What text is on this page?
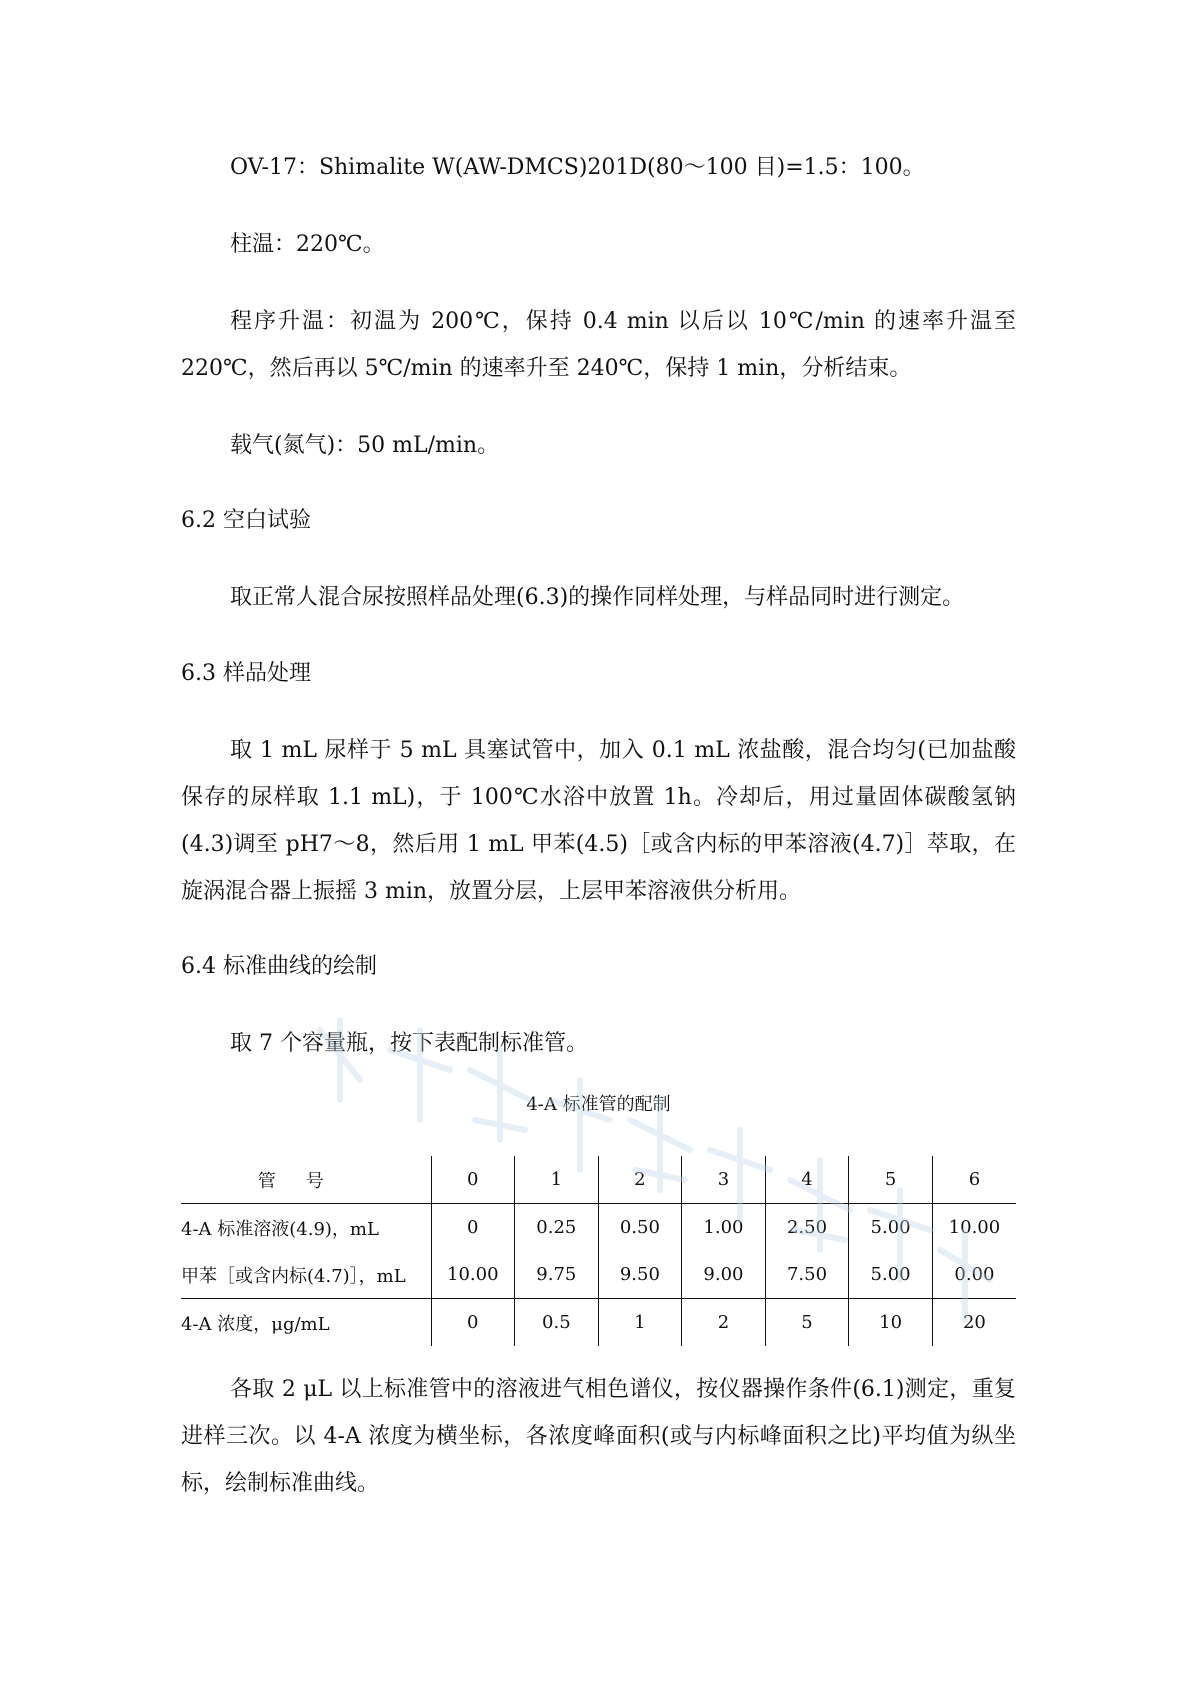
OV-17：Shimalite W(AW-DMCS)201D(80～100 目)=1.5：100。

柱温：220℃。

程序升温：初温为 200℃，保持 0.4 min 以后以 10℃/min 的速率升温至 220℃，然后再以 5℃/min 的速率升至 240℃，保持 1 min，分析结束。

载气(氮气)：50 mL/min。

6.2 空白试验

取正常人混合尿按照样品处理(6.3)的操作同样处理，与样品同时进行测定。

6.3 样品处理

取 1 mL 尿样于 5 mL 具塞试管中，加入 0.1 mL 浓盐酸，混合均匀(已加盐酸保存的尿样取 1.1 mL)，于 100℃水浴中放置 1h。冷却后，用过量固体碳酸氢钠(4.3)调至 pH7～8，然后用 1 mL 甲苯(4.5)［或含内标的甲苯溶液(4.7)］萃取，在旋涡混合器上振摇 3 min，放置分层，上层甲苯溶液供分析用。

6.4 标准曲线的绘制

取 7 个容量瓶，按下表配制标准管。

4-A 标准管的配制
管号	0	1	2	3	4	5	6
4-A 标准溶液(4.9)，mL	0	0.25	0.50	1.00	2.50	5.00	10.00
甲苯［或含内标(4.7)］，mL	10.00	9.75	9.50	9.00	7.50	5.00	0.00
4-A 浓度，μg/mL	0	0.5	1	2	5	10	20

各取 2 μL 以上标准管中的溶液进气相色谱仪，按仪器操作条件(6.1)测定，重复进样三次。以 4-A 浓度为横坐标，各浓度峰面积(或与内标峰面积之比)平均值为纵坐标，绘制标准曲线。
